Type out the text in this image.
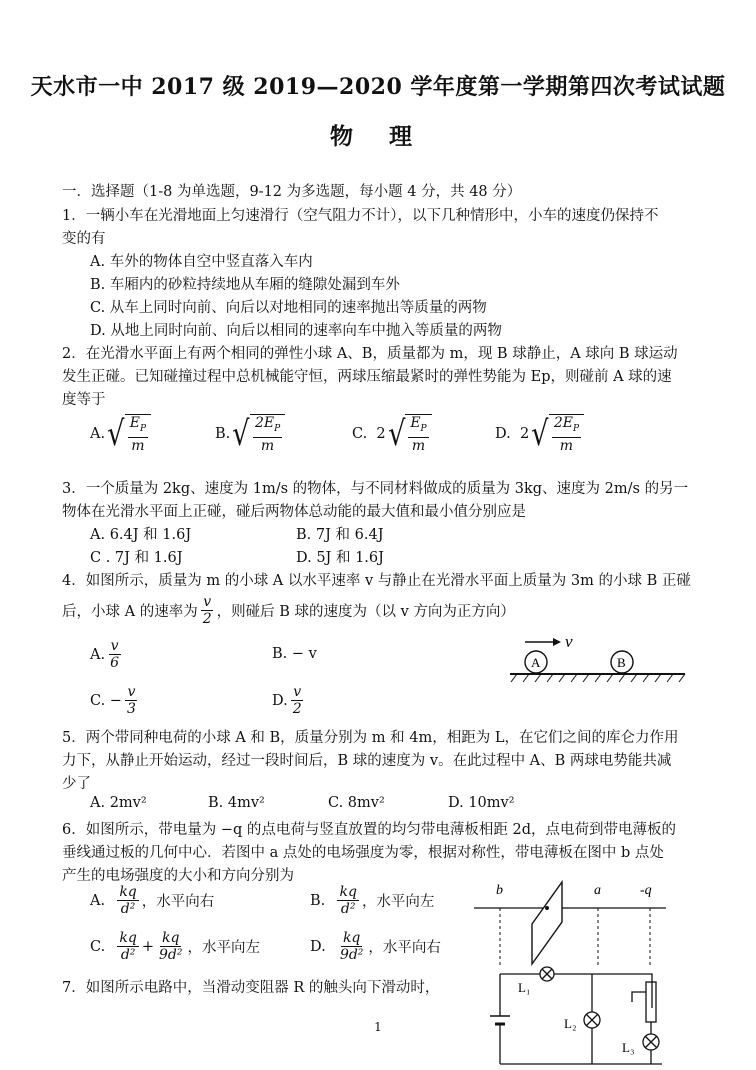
天水市一中 2017 级 2019—2020 学年度第一学期第四次考试试题
物 理
一．选择题（1-8 为单选题，9-12 为多选题，每小题 4 分，共 48 分）
1．一辆小车在光滑地面上匀速滑行（空气阻力不计），以下几种情形中，小车的速度仍保持不
变的有
A. 车外的物体自空中竖直落入车内
B. 车厢内的砂粒持续地从车厢的缝隙处漏到车外
C. 从车上同时向前、向后以对地相同的速率抛出等质量的两物
D. 从地上同时向前、向后以相同的速率向车中抛入等质量的两物
2．在光滑水平面上有两个相同的弹性小球 A、B，质量都为 m，现 B 球静止，A 球向 B 球运动
发生正碰。已知碰撞过程中总机械能守恒，两球压缩最紧时的弹性势能为 Ep，则碰前 A 球的速
度等于
A. √ $E_P$
m
B. √ $2E_P$
m
C.
2 √ $E_P$
m
D.
2 √ $2E_P$
m
3．一个质量为 2kg、速度为 1m/s 的物体，与不同材料做成的质量为 3kg、速度为 2m/s 的另一
物体在光滑水平面上正碰，碰后两物体总动能的最大值和最小值分别应是
A. 6.4J 和 1.6J	B. 7J 和 6.4J
C . 7J 和 1.6J	D. 5J 和 1.6J
4．如图所示，质量为 m 的小球 A 以水平速率 v 与静止在光滑水平面上质量为 3m 的小球 B 正碰
后，小球 A 的速率为 $\frac{v}{2}$ ，则碰后 B 球的速度为（以 v 方向为正方向）
A. $\frac{v}{6}$	B. − v
C. − $\frac{v}{3}$	D. $\frac{v}{2}$
v
A	B
5．两个带同种电荷的小球 A 和 B，质量分别为 m 和 4m，相距为 L，在它们之间的库仑力作用
力下，从静止开始运动，经过一段时间后，B 球的速度为 v。在此过程中 A、B 两球电势能共减
少了
A. 2mv²	B. 4mv²	C. 8mv²	D. 10mv²
6．如图所示，带电量为 −q 的点电荷与竖直放置的均匀带电薄板相距 2d，点电荷到带电薄板的
垂线通过板的几何中心．若图中 a 点处的电场强度为零，根据对称性，带电薄板在图中 b 点处
产生的电场强度的大小和方向分别为
A.
$\frac{kq}{\text{d²}}$ ，水平向右	B.
$\frac{kq}{\text{d²}}$ ，水平向左
C.

kq
d²
+ $\frac{kq}{\text{9d²}}$ ，水平向左	D.
$\frac{kq}{\text{9d²}}$ ，水平向右
b	a	-q
7．如图所示电路中，当滑动变阻器 R 的触头向下滑动时，	L₁
L₂
L₃
1
